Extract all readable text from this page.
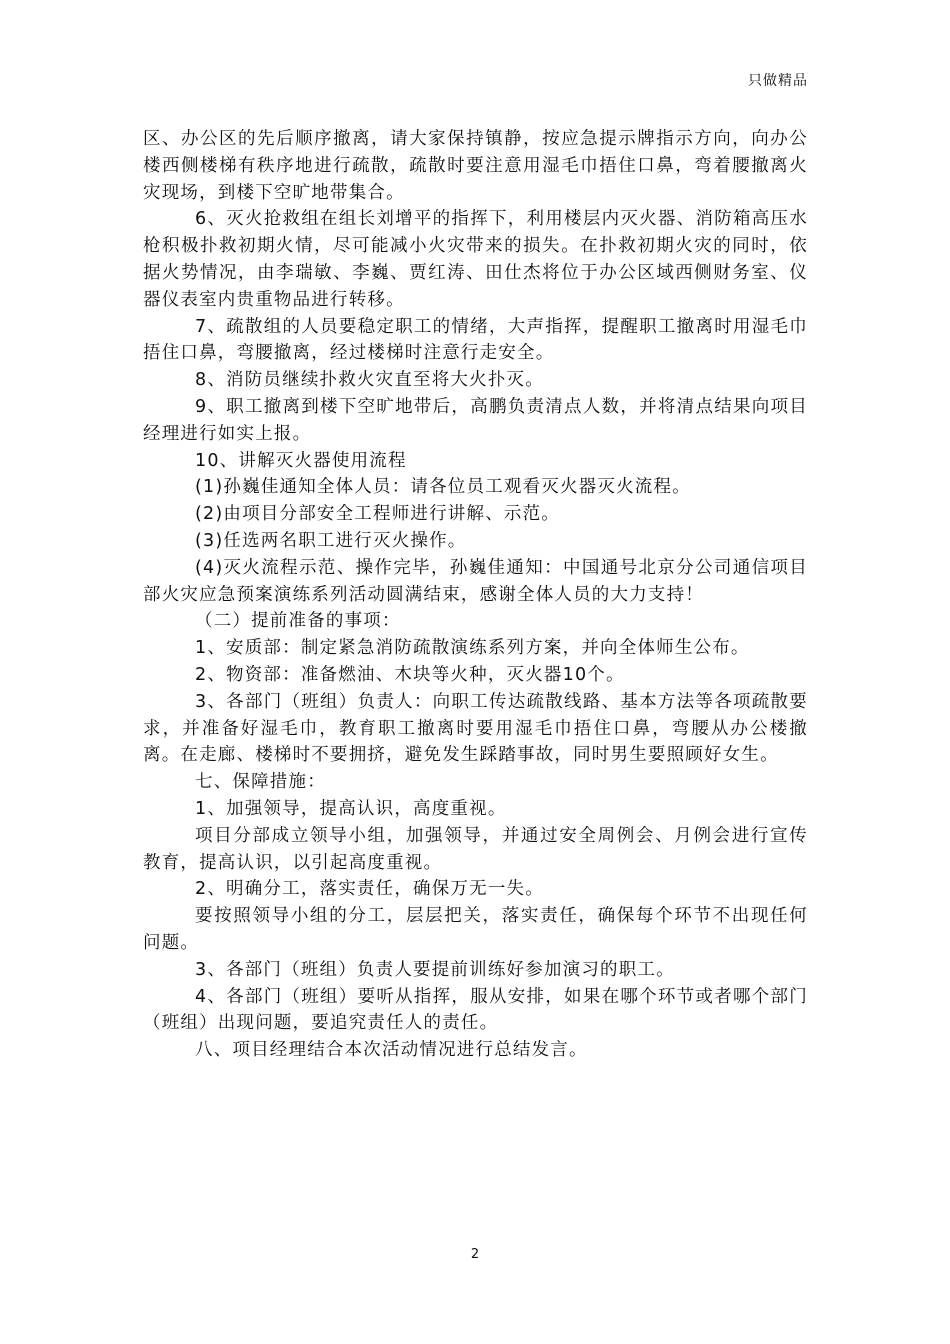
只做精品

区、办公区的先后顺序撤离，请大家保持镇静，按应急提示牌指示方向，向办公楼西侧楼梯有秩序地进行疏散，疏散时要注意用湿毛巾捂住口鼻，弯着腰撤离火灾现场，到楼下空旷地带集合。

6、灭火抢救组在组长刘增平的指挥下，利用楼层内灭火器、消防箱高压水枪积极扑救初期火情，尽可能减小火灾带来的损失。在扑救初期火灾的同时，依据火势情况，由李瑞敏、李巍、贾红涛、田仕杰将位于办公区域西侧财务室、仪器仪表室内贵重物品进行转移。

7、疏散组的人员要稳定职工的情绪，大声指挥，提醒职工撤离时用湿毛巾捂住口鼻，弯腰撤离，经过楼梯时注意行走安全。

8、消防员继续扑救火灾直至将大火扑灭。

9、职工撤离到楼下空旷地带后，高鹏负责清点人数，并将清点结果向项目经理进行如实上报。

10、讲解灭火器使用流程

(1)孙巍佳通知全体人员：请各位员工观看灭火器灭火流程。

(2)由项目分部安全工程师进行讲解、示范。

(3)任选两名职工进行灭火操作。

(4)灭火流程示范、操作完毕，孙巍佳通知：中国通号北京分公司通信项目部火灾应急预案演练系列活动圆满结束，感谢全体人员的大力支持！

（二）提前准备的事项：

1、安质部：制定紧急消防疏散演练系列方案，并向全体师生公布。

2、物资部：准备燃油、木块等火种，灭火器10个。

3、各部门（班组）负责人：向职工传达疏散线路、基本方法等各项疏散要求，并准备好湿毛巾，教育职工撤离时要用湿毛巾捂住口鼻，弯腰从办公楼撤离。在走廊、楼梯时不要拥挤，避免发生踩踏事故，同时男生要照顾好女生。

七、保障措施：

1、加强领导，提高认识，高度重视。

项目分部成立领导小组，加强领导，并通过安全周例会、月例会进行宣传教育，提高认识，以引起高度重视。

2、明确分工，落实责任，确保万无一失。

要按照领导小组的分工，层层把关，落实责任，确保每个环节不出现任何问题。

3、各部门（班组）负责人要提前训练好参加演习的职工。

4、各部门（班组）要听从指挥，服从安排，如果在哪个环节或者哪个部门（班组）出现问题，要追究责任人的责任。

八、项目经理结合本次活动情况进行总结发言。

2
